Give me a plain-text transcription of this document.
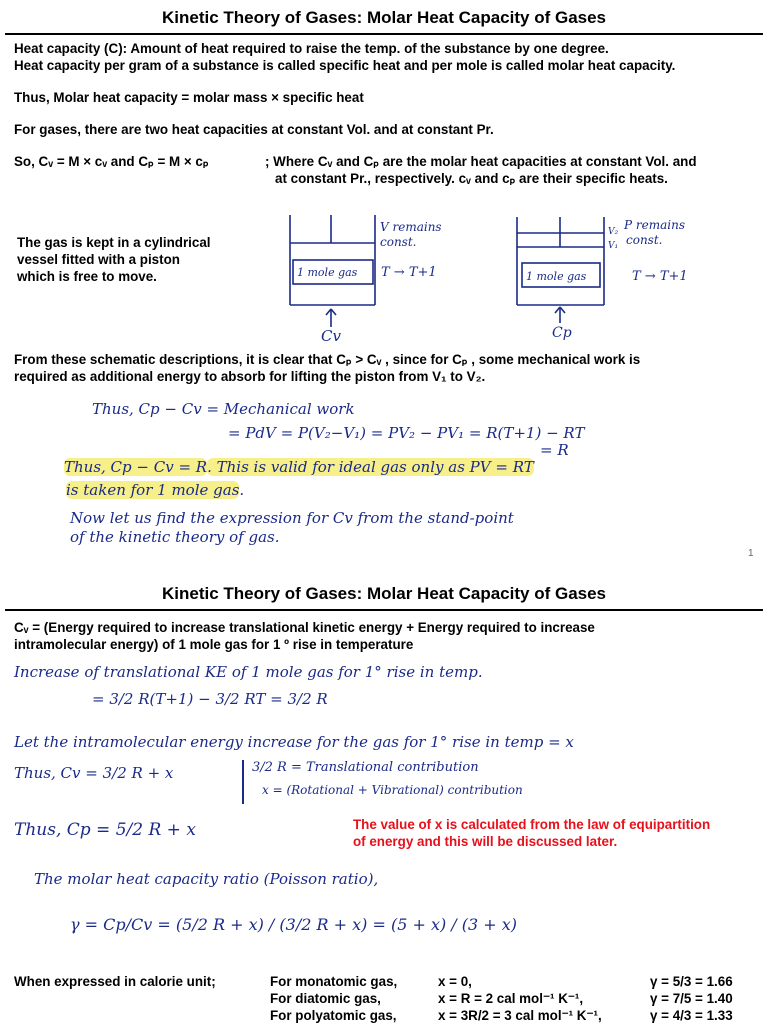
Kinetic Theory of Gases: Molar Heat Capacity of Gases
Heat capacity (C): Amount of heat required to raise the temp. of the substance by one degree.
Heat capacity per gram of a substance is called specific heat and per mole is called molar heat capacity.
Thus, Molar heat capacity = molar mass × specific heat
For gases, there are two heat capacities at constant Vol. and at constant Pr.
So, Cᵥ = M × cᵥ and Cₚ = M × cₚ	; Where Cᵥ and Cₚ are the molar heat capacities at constant Vol. and
at constant Pr., respectively. cᵥ and cₚ are their specific heats.
The gas is kept in a cylindrical
vessel fitted with a piston
which is free to move.
V remains
const.
1 mole gas T → T+1
Cv
V₂
V₁
P remains
const.
1 mole gas	T → T+1
Cp
From these schematic descriptions, it is clear that Cₚ > Cᵥ , since for Cₚ , some mechanical work is
required as additional energy to absorb for lifting the piston from V₁ to V₂.
Thus, Cp − Cv = Mechanical work
= PdV = P(V₂−V₁) = PV₂ − PV₁ = R(T+1) − RT
= R
Thus, Cp − Cv = R. This is valid for ideal gas only as PV = RT
is taken for 1 mole gas.
Now let us find the expression for Cv from the stand-point
of the kinetic theory of gas.
1
Kinetic Theory of Gases: Molar Heat Capacity of Gases
Cᵥ = (Energy required to increase translational kinetic energy + Energy required to increase
intramolecular energy) of 1 mole gas for 1 º rise in temperature
Increase of translational KE of 1 mole gas for 1° rise in temp.
= 3/2 R(T+1) − 3/2 RT = 3/2 R
Let the intramolecular energy increase for the gas for 1° rise in temp = x
Thus, Cv = 3/2 R + x	3/2 R = Translational contribution
x = (Rotational + Vibrational) contribution
Thus, Cp = 5/2 R + x	The value of x is calculated from the law of equipartition
of energy and this will be discussed later.
The molar heat capacity ratio (Poisson ratio),
γ = Cp/Cv = (5/2 R + x) / (3/2 R + x) = (5 + x) / (3 + x)
When expressed in calorie unit;	For monatomic gas,	x = 0,	γ = 5/3 = 1.66
For diatomic gas,	x = R = 2 cal mol⁻¹ K⁻¹,	γ = 7/5 = 1.40
For polyatomic gas,	x = 3R/2 = 3 cal mol⁻¹ K⁻¹,	γ = 4/3 = 1.33
